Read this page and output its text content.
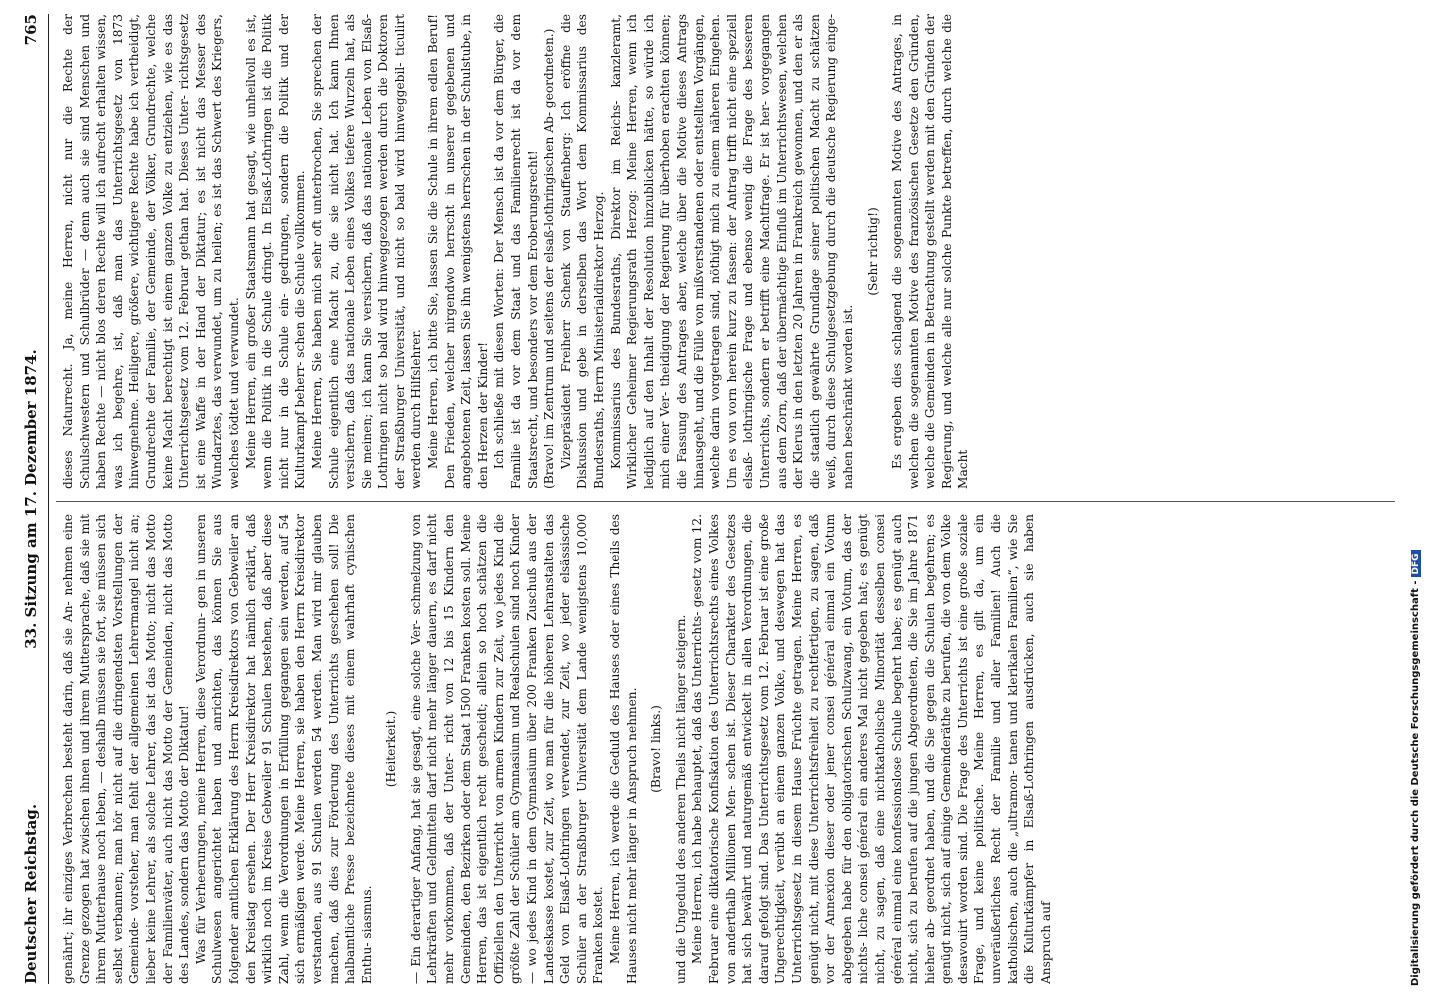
Deutscher Reichstag.
33. Sitzung am 17. Dezember 1874.
765

genährt; ihr einziges Verbrechen besteht darin, daß sie An- nehmen eine Grenze gezogen hat zwischen ihnen und ihrem Muttersprache, daß sie mit ihrem Mutterhause noch leben, — deshalb müssen sie fort, sie müssen sich selbst verbannen; man hör nicht auf die dringendsten Vorstellungen der Gemeinde- vorsteher, man fehlt der allgemeinen Lehrermangel nicht an; lieber keine Lehrer, als solche Lehrer, das ist das Motto; nicht das Motto der Familienväter, auch nicht das Motto der Gemeinden, nicht das Motto des Landes, sondern das Motto der Diktatur! Was für Verheerungen, meine Herren, diese Verordnun- gen in unseren Schulwesen angerichtet haben und anrichten, das können Sie aus folgender amtlichen Erklärung des Herrn Kreisdirektors von Gebweiler an den Kreistag ersehen. Der Herr Kreisdirektor hat nämlich erklärt, daß wirklich noch im Kreise Gebweiler 91 Schulen bestehen, daß aber diese Zahl, wenn die Verordnungen in Erfüllung gegangen sein werden, auf 54 sich ermäßigen werde. Meine Herren, sie haben den Herrn Kreisdirektor verstanden, aus 91 Schulen werden 54 werden. Man wird mir glauben machen, daß dies zur Förderung des Unterrichts geschehen soll! Die halbamtliche Presse bezeichnete dieses mit einem wahrhaft cynischen Enthu- siasmus.

(Heiterkeit.) — Ein derartiger Anfang, hat sie gesagt, eine solche Ver- schmelzung von Lehrkräften und Geldmitteln darf nicht mehr länger dauern, es darf nicht mehr vorkommen, daß der Unter- richt von 12 bis 15 Kindern den Gemeinden, den Bezirken oder dem Staat 1500 Franken kosten soll. Meine Herren, das ist eigentlich recht gescheidt; allein so hoch schätzen die Offiziellen den Unterricht von armen Kindern zur Zeit, wo jedes Kind die größte Zahl der Schüler am Gymnasium und Realschulen sind noch Kinder — wo jedes Kind in dem Gymnasium über 200 Franken Zuschuß aus der Landeskasse kostet, zur Zeit, wo man für die höheren Lehranstalten das Geld von Elsaß-Lothringen verwendet, zur Zeit, wo jeder elsässische Schüler an der Straßburger Universität dem Lande wenigstens 10,000 Franken kostet. Meine Herren, ich werde die Geduld des Hauses oder eines Theils des Hauses nicht mehr länger in Anspruch nehmen. (Bravo! links.) und die Ungeduld des anderen Theils nicht länger steigern. Meine Herren, ich habe behauptet, daß das Unterrichts- gesetz vom 12. Februar eine diktatorische Konfiskation des Unterrichtsrechts eines Volkes von anderthalb Millionen Men- schen ist. Dieser Charakter des Gesetzes hat sich bewährt und naturgemäß entwickelt in allen Verordnungen, die darauf gefolgt sind. Das Unterrichtsgesetz vom 12. Februar ist eine große Ungerechtigkeit, verübt an einem ganzen Volke, und deswegen hat das Unterrichtsgesetz in diesem Hause Früchte getragen. Meine Herren, es genügt nicht, mit diese Unterrichtsfreiheit zu rechtfertigen, zu sagen, daß vor der Annexion dieser oder jener consei général einmal ein Votum abgegeben habe für den obligatorischen Schulzwang, ein Votum, das der nichts- liche consei général ein anderes Mal nicht gegeben hat; es genügt nicht, zu sagen, daß eine nichtkatholische Minorität desselben consei général einmal eine konfessionslose Schule begehrt habe; es genügt auch nicht, sich zu berufen auf die jungen Abgeordneten, die Sie im Jahre 1871 hieher ab- geordnet haben, und die Sie gegen die Schulen begehren; es genügt nicht, sich auf einige Gemeinderäthe zu berufen, die von dem Volke desavouirt worden sind. Die Frage des Unterrichts ist eine große soziale Frage, und keine politische. Meine Herren, es gilt da, um ein unveräußerliches Recht der Familie und aller Familien! Auch die katholischen, auch die „ultramon- tanen und klerikalen Familien“, wie Sie die Kulturkämpfer in Elsaß-Lothringen ausdrücken, auch sie haben Anspruch auf

dieses Naturrecht. Ja, meine Herren, nicht nur die Rechte der Schulschwestern und Schulbrüder — denn auch sie sind Menschen und haben Rechte — nicht blos deren Rechte will ich aufrecht erhalten wissen, was ich begehre, ist, daß man das Unterrichtsgesetz von 1873 hinwegnehme. Heiligere, größere, wichtigere Rechte habe ich vertheidigt, Grundrechte der Familie, der Gemeinde, der Völker, Grundrechte, welche keine Macht berechtigt ist einem ganzen Volke zu entziehen, wie es das Unterrichtsgesetz vom 12. Februar gethan hat. Dieses Unter- richtsgesetz ist eine Waffe in der Hand der Diktatur; es ist nicht das Messer des Wundarztes, das verwundet, um zu heilen; es ist das Schwert des Kriegers, welches tödtet und verwundet. Meine Herren, ein großer Staatsmann hat gesagt, wie unheilvoll es ist, wenn die Politik in die Schule dringt. In Elsaß-Lothringen ist die Politik nicht nur in die Schule ein- gedrungen, sondern die Politik und der Kulturkampf beherr- schen die Schule vollkommen. Meine Herren, Sie haben mich sehr oft unterbrochen, Sie sprechen der Schule eigentlich eine Macht zu, die sie nicht hat. Ich kann Ihnen versichern, daß das nationale Leben eines Volkes tiefere Wurzeln hat, als Sie meinen; ich kann Sie versichern, daß das nationale Leben von Elsaß-Lothringen nicht so bald wird hinweggezogen werden durch die Doktoren der Straßburger Universität, und nicht so bald wird hinweggebil- ticulirt werden durch Hilfslehrer. Meine Herren, ich bitte Sie, lassen Sie die Schule in ihrem edlen Beruf! Den Frieden, welcher nirgendwo herrscht in unserer gegebenen und angebotenen Zeit, lassen Sie ihn wenigstens herrschen in der Schulstube, in den Herzen der Kinder! Ich schließe mit diesen Worten: Der Mensch ist da vor dem Bürger, die Familie ist da vor dem Staat und das Familienrecht ist da vor dem Staatsrecht, und besonders vor dem Eroberungsrecht! (Bravo! im Zentrum und seitens der elsaß-lothringischen Ab- geordneten.) Vizepräsident Freiherr Schenk von Stauffenberg: Ich eröffne die Diskussion und gebe in derselben das Wort dem Kommissarius des Bundesraths, Herrn Ministerialdirektor Herzog. Kommissarius des Bundesraths, Direktor im Reichs- kanzleramt, Wirklicher Geheimer Regierungsrath Herzog: Meine Herren, wenn ich lediglich auf den Inhalt der Resolution hinzublicken hätte, so würde ich mich einer Ver- theidigung der Regierung für überhoben erachten können; die Fassung des Antrages aber, welche über die Motive dieses Antrags hinausgeht, und die Fülle von mißverstandenen oder entstellten Vorgängen, welche darin vorgetragen sind, nöthigt mich zu einem näheren Eingehen. Um es von vorn herein kurz zu fassen: der Antrag trifft nicht eine speziell elsaß- lothringische Frage und ebenso wenig die Frage des besseren Unterrichts, sondern er betrifft eine Machtfrage. Er ist her- vorgegangen aus dem Zorn, daß der übermächtige Einfluß im Unterrichtswesen, welchen der Klerus in den letzten 20 Jahren in Frankreich gewonnen, und den er als die staatlich gewährte Grundlage seiner politischen Macht zu schätzen weiß, durch diese Schulgesetzgebung durch die deutsche Regierung einge- nahen beschränkt worden ist.

(Sehr richtig!) Es ergeben dies schlagend die sogenannten Motive des Antrages, in welchen die sogenannten Motive des französischen Gesetze den Gründen, welche die Gemeinden in Betrachtung gestellt werden mit den Gründen der Regierung, und welche alle nur solche Punkte betreffen, durch welche die Macht

Digitalisierung gefördert durch die Deutsche Forschungsgemeinschaft -DFG
